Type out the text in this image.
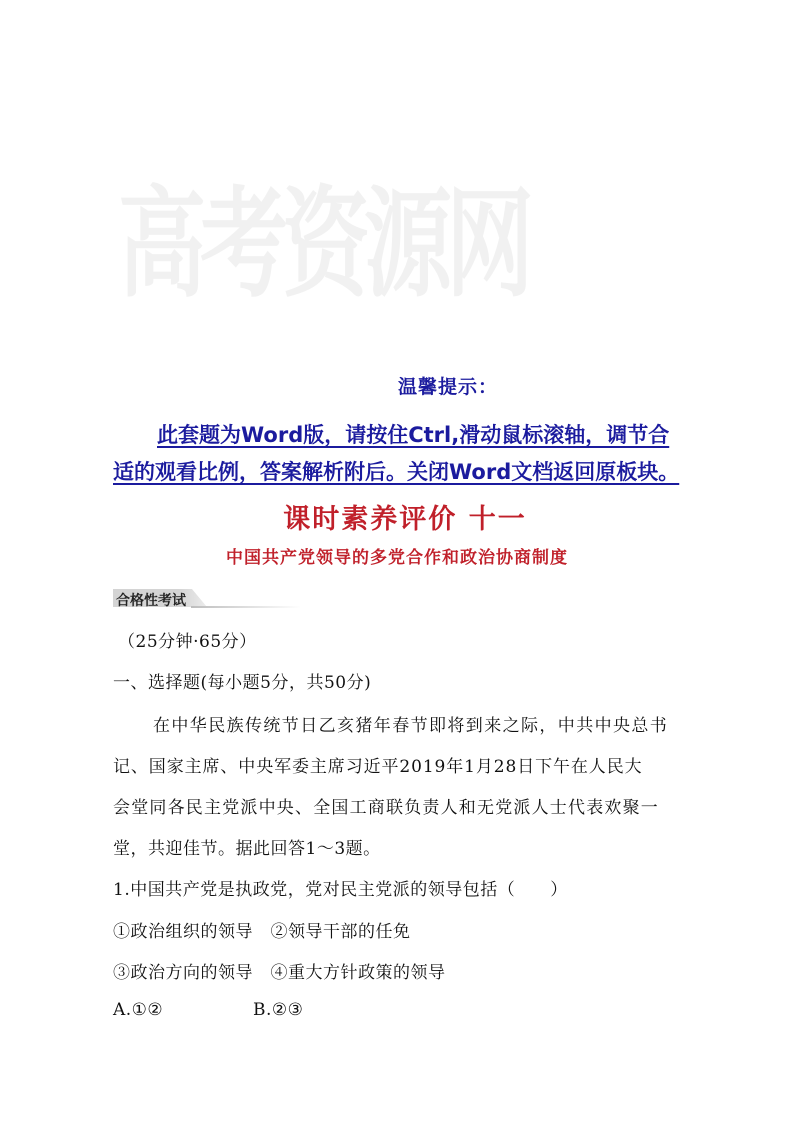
高考资源网
温馨提示：
此套题为Word版，请按住Ctrl,滑动鼠标滚轴，调节合
适的观看比例，答案解析附后。关闭Word文档返回原板块。
课时素养评价 十一
中国共产党领导的多党合作和政治协商制度
合格性考试
（25分钟·65分）
一、选择题(每小题5分，共50分)
在中华民族传统节日乙亥猪年春节即将到来之际，中共中央总书
记、国家主席、中央军委主席习近平2019年1月28日下午在人民大
会堂同各民主党派中央、全国工商联负责人和无党派人士代表欢聚一
堂，共迎佳节。据此回答1～3题。
1.中国共产党是执政党，党对民主党派的领导包括（　　）
①政治组织的领导　②领导干部的任免
③政治方向的领导　④重大方针政策的领导
A.①②	B.②③
